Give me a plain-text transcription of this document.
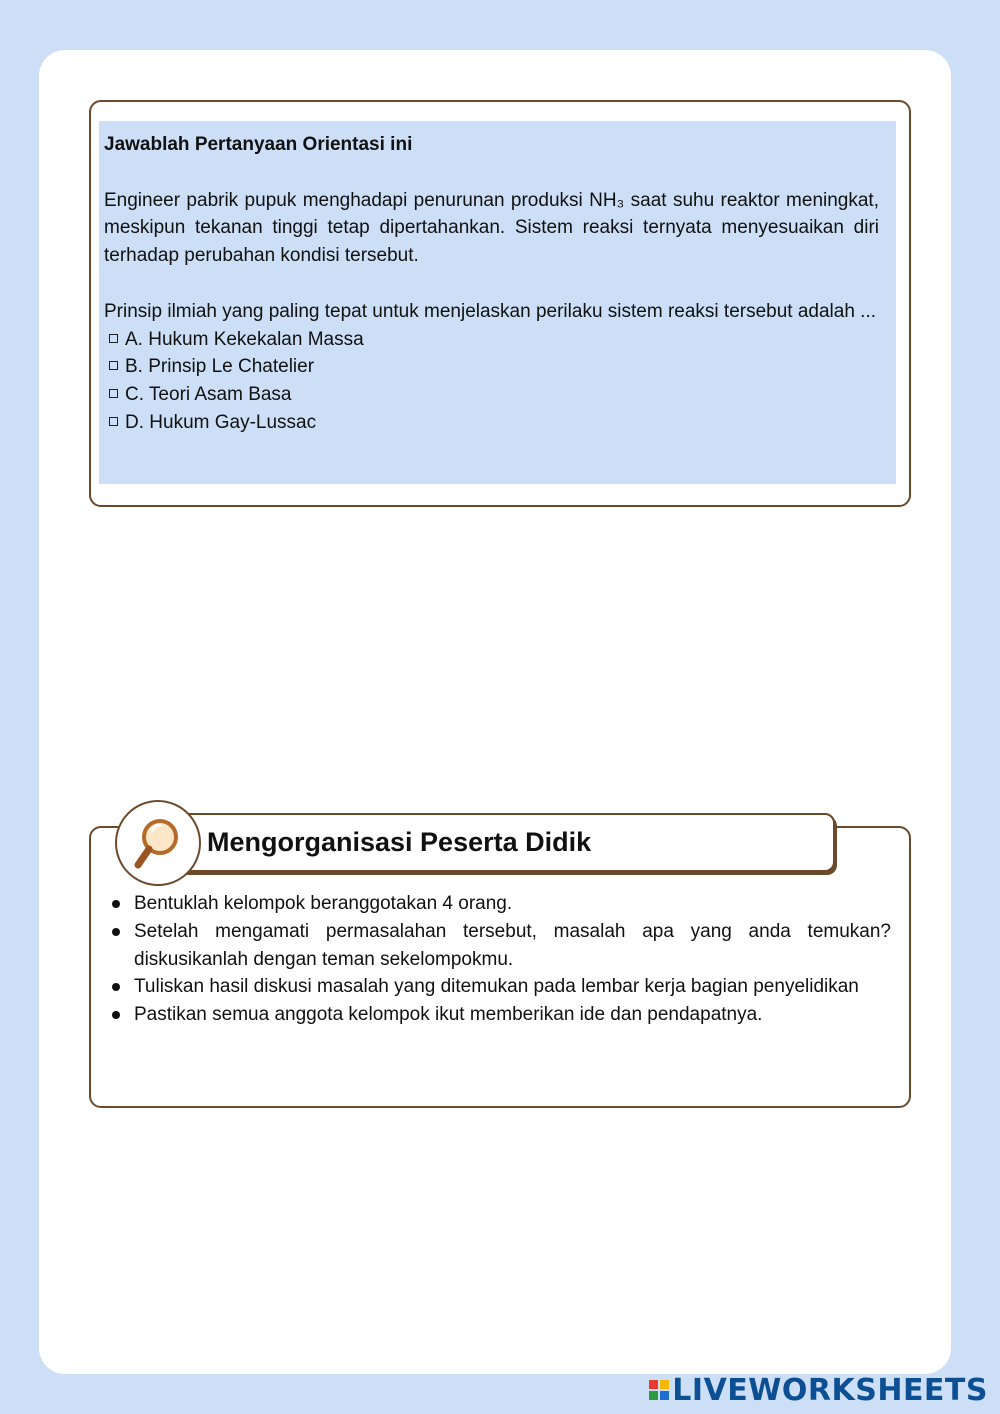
Jawablah Pertanyaan Orientasi ini
Engineer pabrik pupuk menghadapi penurunan produksi NH₃ saat suhu reaktor meningkat, meskipun tekanan tinggi tetap dipertahankan. Sistem reaksi ternyata menyesuaikan diri terhadap perubahan kondisi tersebut.
Prinsip ilmiah yang paling tepat untuk menjelaskan perilaku sistem reaksi tersebut adalah ...
A. Hukum Kekekalan Massa
B. Prinsip Le Chatelier
C. Teori Asam Basa
D. Hukum Gay-Lussac
Mengorganisasi Peserta Didik
Bentuklah kelompok beranggotakan 4 orang.
Setelah mengamati permasalahan tersebut, masalah apa yang anda temukan? diskusikanlah dengan teman sekelompokmu.
Tuliskan hasil diskusi masalah yang ditemukan pada lembar kerja bagian penyelidikan
Pastikan semua anggota kelompok ikut memberikan ide dan pendapatnya.
LIVEWORKSHEETS
